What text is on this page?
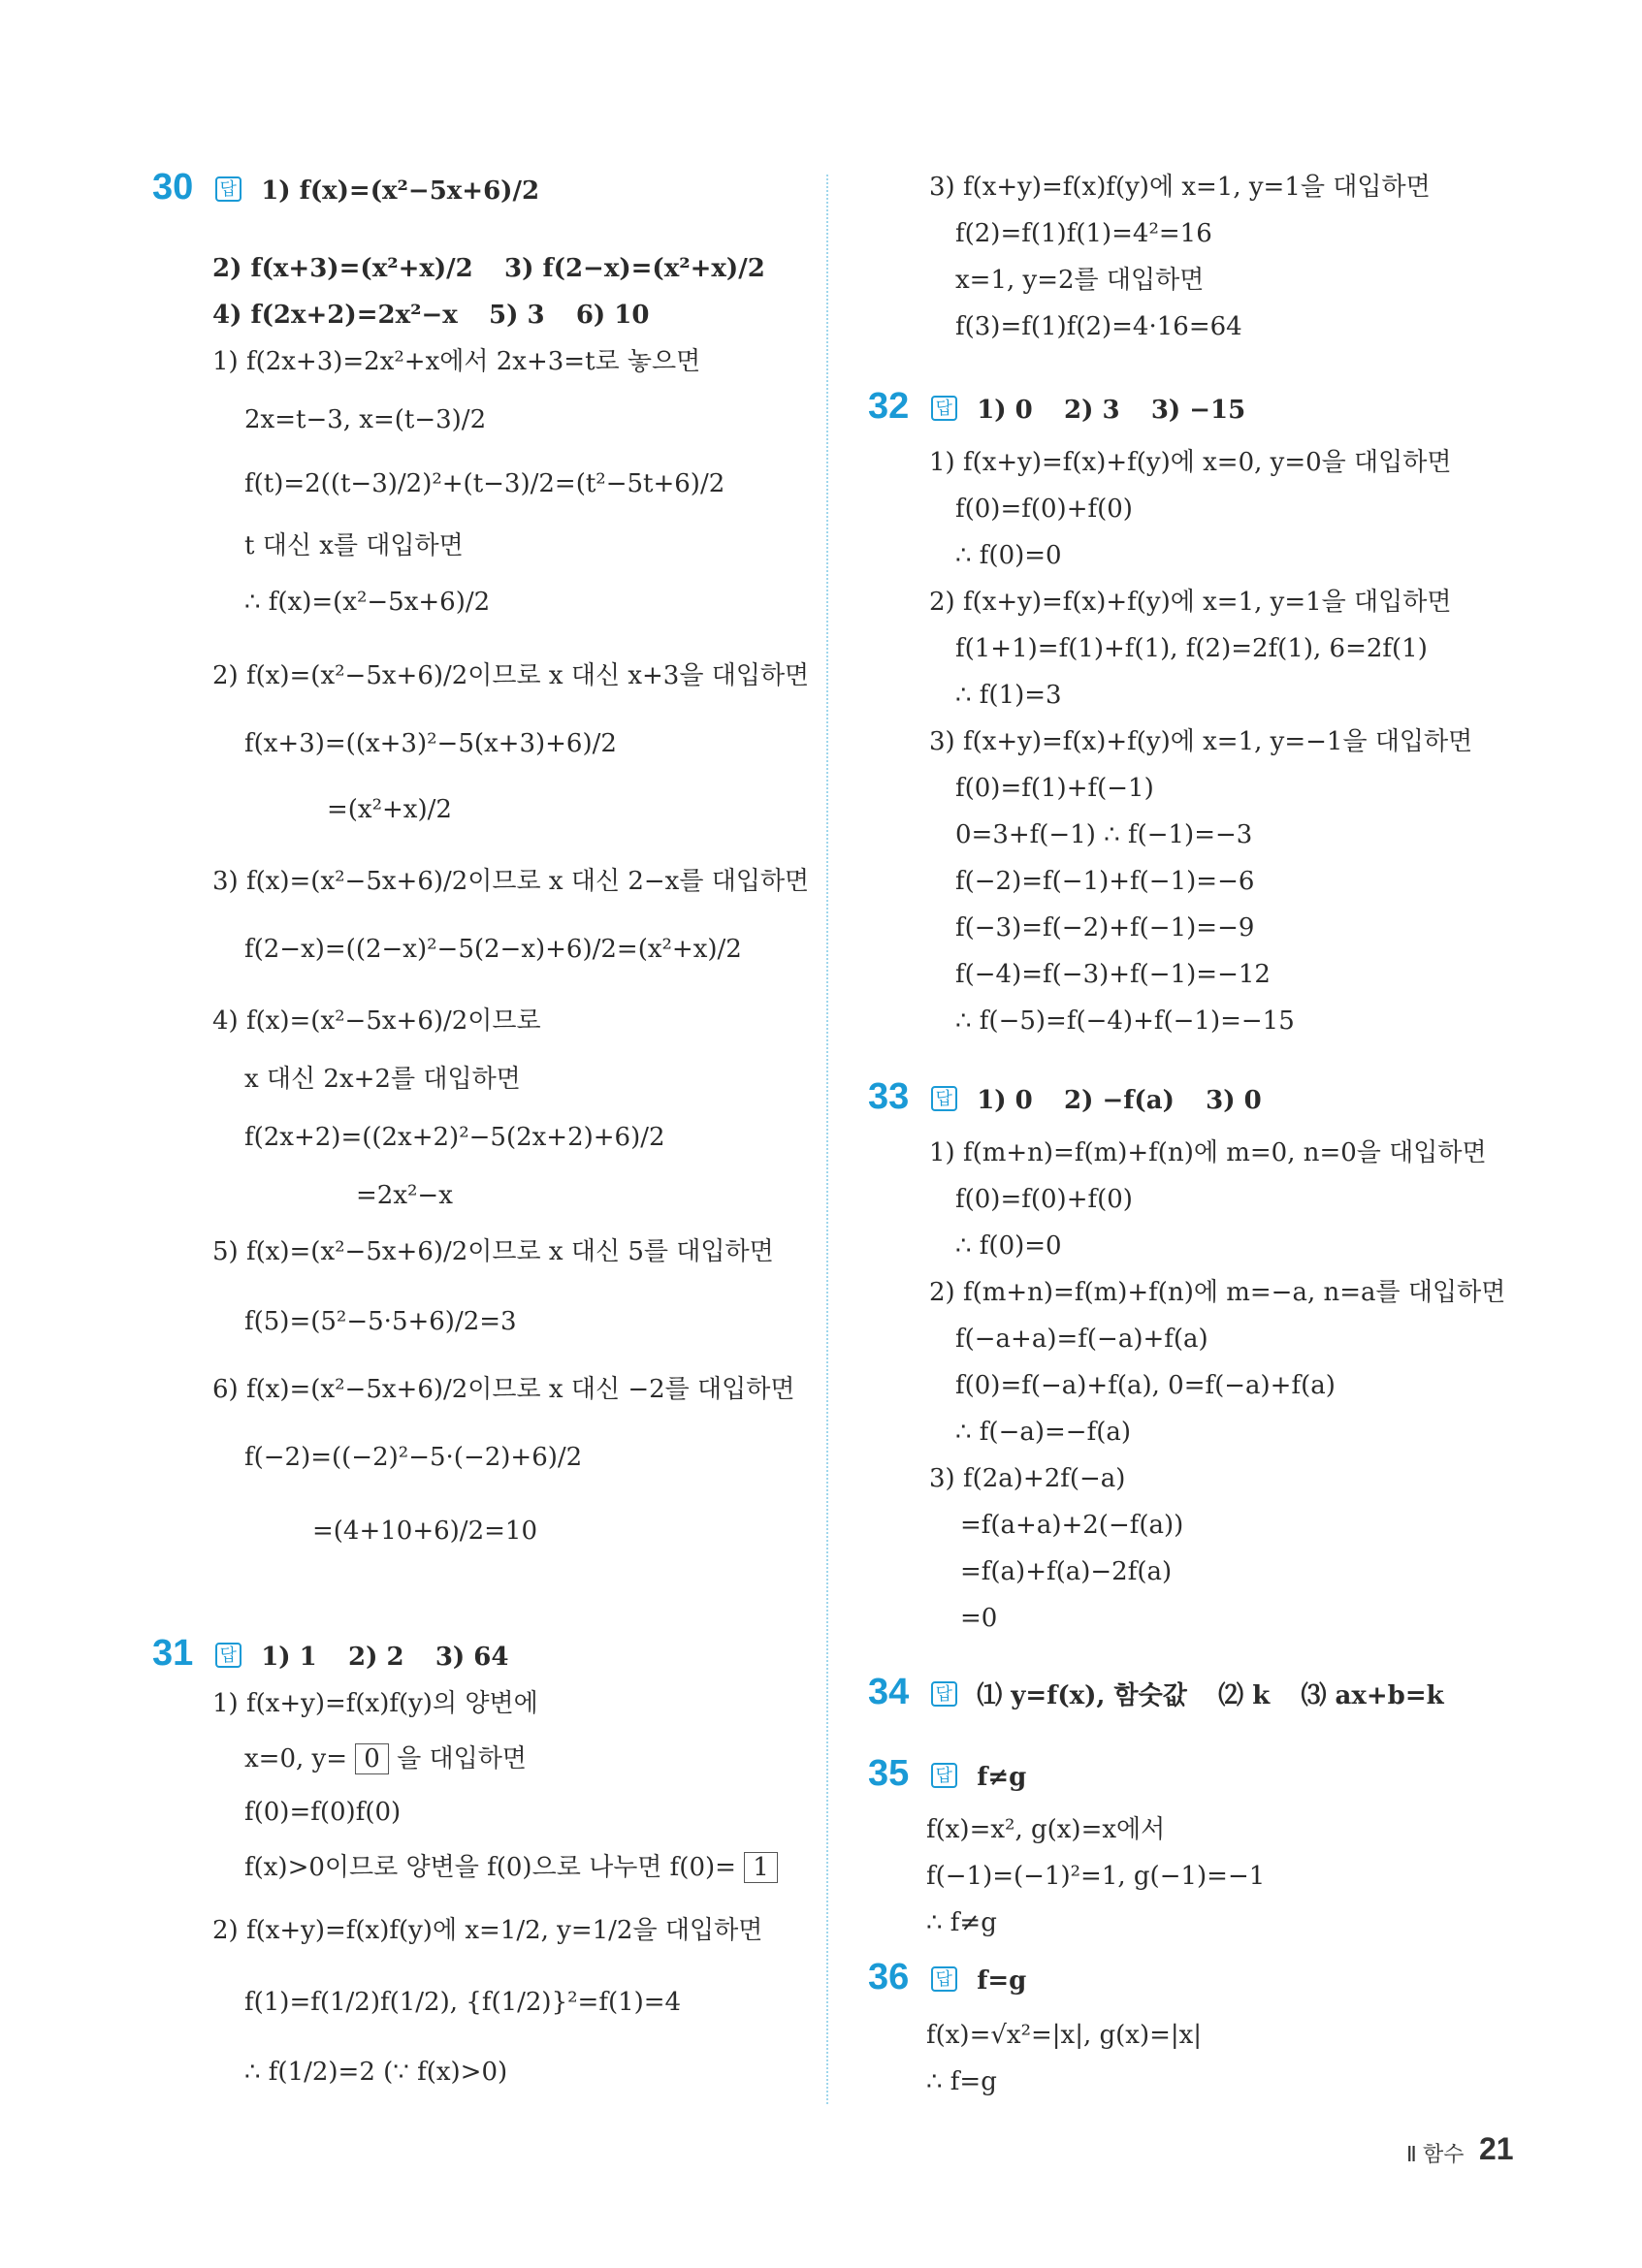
30 답 1) f(x)=(x²−5x+6)/2
2) f(x+3)=(x²+x)/2 3) f(2−x)=(x²+x)/2
4) f(2x+2)=2x²−x 5) 3 6) 10
1) f(2x+3)=2x²+x에서 2x+3=t로 놓으면
2x=t−3, x=(t−3)/2
f(t)=2((t−3)/2)²+(t−3)/2=(t²−5t+6)/2
t 대신 x를 대입하면
∴ f(x)=(x²−5x+6)/2
2) f(x)=(x²−5x+6)/2이므로 x 대신 x+3을 대입하면
f(x+3)=((x+3)²−5(x+3)+6)/2
=(x²+x)/2
3) f(x)=(x²−5x+6)/2이므로 x 대신 2−x를 대입하면
f(2−x)=((2−x)²−5(2−x)+6)/2=(x²+x)/2
4) f(x)=(x²−5x+6)/2이므로
x 대신 2x+2를 대입하면
f(2x+2)=((2x+2)²−5(2x+2)+6)/2
=2x²−x
5) f(x)=(x²−5x+6)/2이므로 x 대신 5를 대입하면
f(5)=(5²−5·5+6)/2=3
6) f(x)=(x²−5x+6)/2이므로 x 대신 −2를 대입하면
f(−2)=((−2)²−5·(−2)+6)/2
=(4+10+6)/2=10
31 답 1) 1 2) 2 3) 64
1) f(x+y)=f(x)f(y)의 양변에
x=0, y= 0 을 대입하면
f(0)=f(0)f(0)
f(x)>0이므로 양변을 f(0)으로 나누면 f(0)= 1
2) f(x+y)=f(x)f(y)에 x=1/2, y=1/2을 대입하면
f(1)=f(1/2)f(1/2), {f(1/2)}²=f(1)=4
∴ f(1/2)=2 (∵ f(x)>0)
3) f(x+y)=f(x)f(y)에 x=1, y=1을 대입하면
f(2)=f(1)f(1)=4²=16
x=1, y=2를 대입하면
f(3)=f(1)f(2)=4·16=64
32 답 1) 0 2) 3 3) −15
1) f(x+y)=f(x)+f(y)에 x=0, y=0을 대입하면
f(0)=f(0)+f(0)
∴ f(0)=0
2) f(x+y)=f(x)+f(y)에 x=1, y=1을 대입하면
f(1+1)=f(1)+f(1), f(2)=2f(1), 6=2f(1)
∴ f(1)=3
3) f(x+y)=f(x)+f(y)에 x=1, y=−1을 대입하면
f(0)=f(1)+f(−1)
0=3+f(−1) ∴ f(−1)=−3
f(−2)=f(−1)+f(−1)=−6
f(−3)=f(−2)+f(−1)=−9
f(−4)=f(−3)+f(−1)=−12
∴ f(−5)=f(−4)+f(−1)=−15
33 답 1) 0 2) −f(a) 3) 0
1) f(m+n)=f(m)+f(n)에 m=0, n=0을 대입하면
f(0)=f(0)+f(0)
∴ f(0)=0
2) f(m+n)=f(m)+f(n)에 m=−a, n=a를 대입하면
f(−a+a)=f(−a)+f(a)
f(0)=f(−a)+f(a), 0=f(−a)+f(a)
∴ f(−a)=−f(a)
3) f(2a)+2f(−a)
=f(a+a)+2(−f(a))
=f(a)+f(a)−2f(a)
=0
34 답 ⑴ y=f(x), 함숫값 ⑵ k ⑶ ax+b=k
35 답 f≠g
f(x)=x², g(x)=x에서
f(−1)=(−1)²=1, g(−1)=−1
∴ f≠g
36 답 f=g
f(x)=√x²=|x|, g(x)=|x|
∴ f=g
Ⅱ 함수 21
